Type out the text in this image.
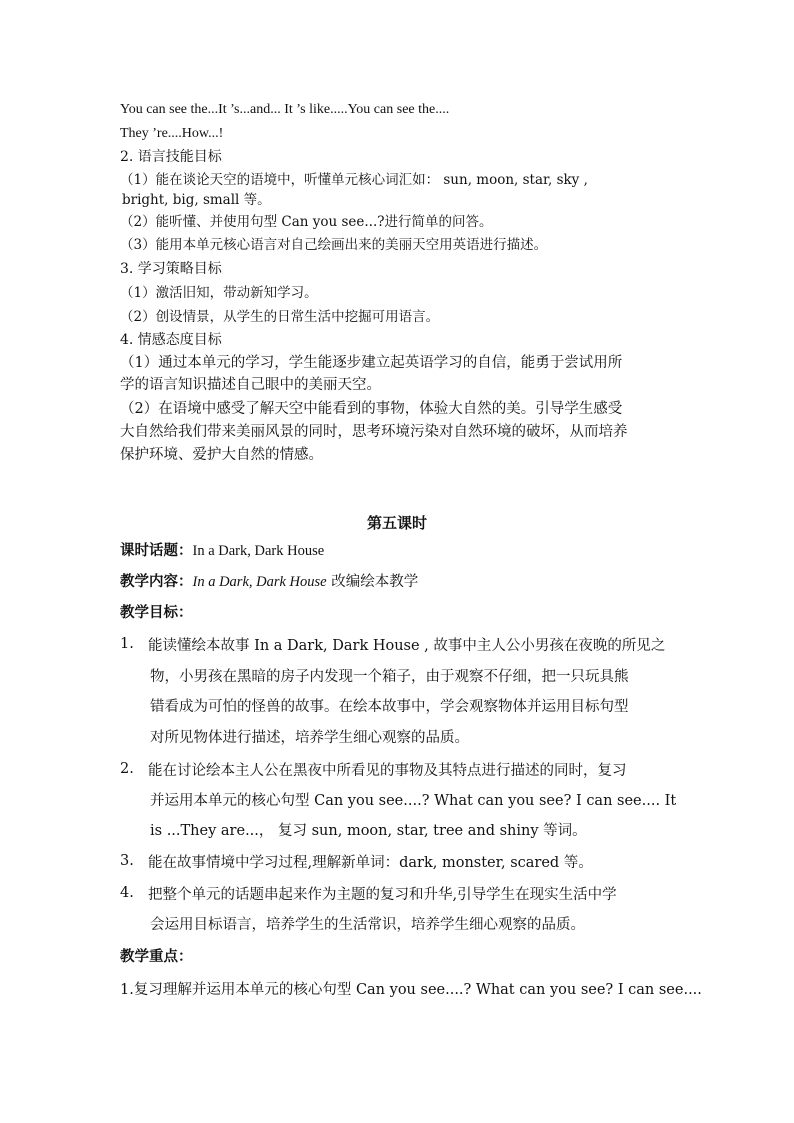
You can see the...It ’s...and... It ’s like.....You can see the....
They ’re....How...!
2. 语言技能目标
（1）能在谈论天空的语境中，听懂单元核心词汇如： sun, moon, star, sky ,
bright, big, small 等。
（2）能听懂、并使用句型 Can you see...?进行简单的问答。
（3）能用本单元核心语言对自己绘画出来的美丽天空用英语进行描述。
3. 学习策略目标
（1）激活旧知，带动新知学习。
（2）创设情景，从学生的日常生活中挖掘可用语言。
4. 情感态度目标
（1）通过本单元的学习，学生能逐步建立起英语学习的自信，能勇于尝试用所
学的语言知识描述自己眼中的美丽天空。
（2）在语境中感受了解天空中能看到的事物，体验大自然的美。引导学生感受
大自然给我们带来美丽风景的同时，思考环境污染对自然环境的破坏，从而培养
保护环境、爱护大自然的情感。
第五课时
课时话题：In a Dark, Dark House
教学内容：In a Dark, Dark House 改编绘本教学
教学目标：
1. 能读懂绘本故事 In a Dark, Dark House , 故事中主人公小男孩在夜晚的所见之
物，小男孩在黑暗的房子内发现一个箱子，由于观察不仔细，把一只玩具熊
错看成为可怕的怪兽的故事。在绘本故事中，学会观察物体并运用目标句型
对所见物体进行描述，培养学生细心观察的品质。
2. 能在讨论绘本主人公在黑夜中所看见的事物及其特点进行描述的同时，复习
并运用本单元的核心句型 Can you see....? What can you see? I can see.... It
is ...They are...， 复习 sun, moon, star, tree and shiny 等词。
3. 能在故事情境中学习过程,理解新单词：dark, monster, scared 等。
4. 把整个单元的话题串起来作为主题的复习和升华,引导学生在现实生活中学
会运用目标语言，培养学生的生活常识，培养学生细心观察的品质。
教学重点：
1.复习理解并运用本单元的核心句型 Can you see....? What can you see? I can see....
